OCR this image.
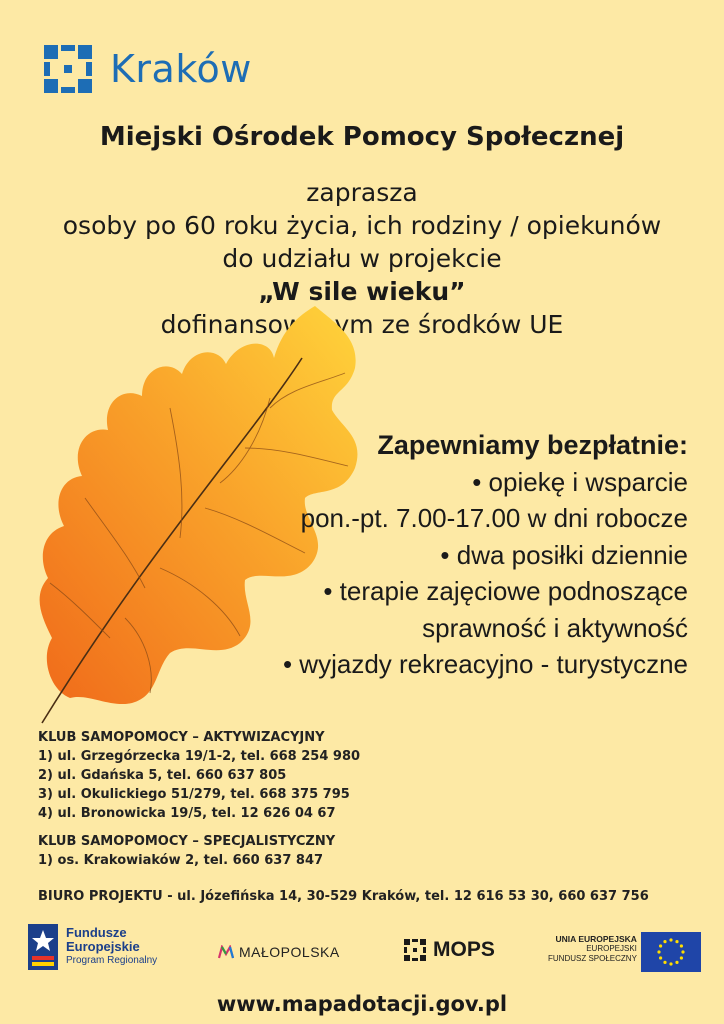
Kraków
Miejski Ośrodek Pomocy Społecznej
zaprasza
osoby po 60 roku życia, ich rodziny / opiekunów
do udziału w projekcie
„W sile wieku”
dofinansowanym ze środków UE
Zapewniamy bezpłatnie:
• opiekę i wsparcie
pon.-pt. 7.00-17.00 w dni robocze
• dwa posiłki dziennie
• terapie zajęciowe podnoszące
sprawność i aktywność
• wyjazdy rekreacyjno - turystyczne
KLUB SAMOPOMOCY – AKTYWIZACYJNY
1) ul. Grzegórzecka 19/1-2, tel. 668 254 980
2) ul. Gdańska 5, tel. 660 637 805
3) ul. Okulickiego 51/279, tel. 668 375 795
4) ul. Bronowicka 19/5, tel. 12 626 04 67
KLUB SAMOPOMOCY – SPECJALISTYCZNY
1) os. Krakowiaków 2, tel. 660 637 847
BIURO PROJEKTU - ul. Józefińska 14, 30-529 Kraków, tel. 12 616 53 30, 660 637 756
Fundusze
Europejskie
Program Regionalny
MAŁOPOLSKA	MOPS	UNIA EUROPEJSKA
EUROPEJSKI
FUNDUSZ SPOŁECZNY
www.mapadotacji.gov.pl
